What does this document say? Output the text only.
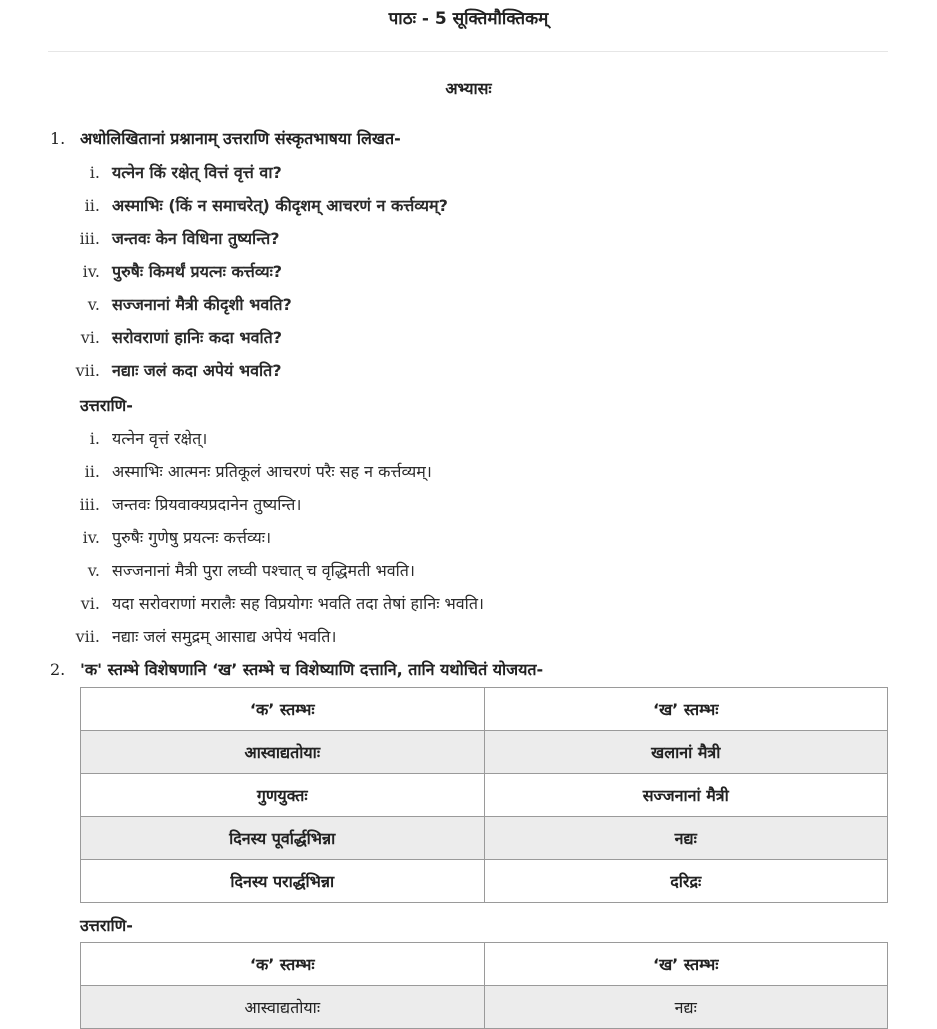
पाठः - 5 सूक्तिमौक्तिकम्
अभ्यासः
1. अधोलिखितानां प्रश्नानाम् उत्तराणि संस्कृतभाषया लिखत-
i. यत्नेन किं रक्षेत् वित्तं वृत्तं वा?
ii. अस्माभिः (किं न समाचरेत्) कीदृशम् आचरणं न कर्त्तव्यम्?
iii. जन्तवः केन विधिना तुष्यन्ति?
iv. पुरुषैः किमर्थं प्रयत्नः कर्त्तव्यः?
v. सज्जनानां मैत्री कीदृशी भवति?
vi. सरोवराणां हानिः कदा भवति?
vii. नद्याः जलं कदा अपेयं भवति?
उत्तराणि-
i. यत्नेन वृत्तं रक्षेत्।
ii. अस्माभिः आत्मनः प्रतिकूलं आचरणं परैः सह न कर्त्तव्यम्।
iii. जन्तवः प्रियवाक्यप्रदानेन तुष्यन्ति।
iv. पुरुषैः गुणेषु प्रयत्नः कर्त्तव्यः।
v. सज्जनानां मैत्री पुरा लघ्वी पश्चात् च वृद्धिमती भवति।
vi. यदा सरोवराणां मरालैः सह विप्रयोगः भवति तदा तेषां हानिः भवति।
vii. नद्याः जलं समुद्रम् आसाद्य अपेयं भवति।
2. 'क' स्तम्भे विशेषणानि ‘ख’ स्तम्भे च विशेष्याणि दत्तानि, तानि यथोचितं योजयत-
‘क’ स्तम्भः	‘ख’ स्तम्भः
आस्वाद्यतोयाः	खलानां मैत्री
गुणयुक्तः	सज्जनानां मैत्री
दिनस्य पूर्वार्द्धभिन्ना	नद्यः
दिनस्य परार्द्धभिन्ना	दरिद्रः
उत्तराणि-
‘क’ स्तम्भः	‘ख’ स्तम्भः
आस्वाद्यतोयाः	नद्यः
